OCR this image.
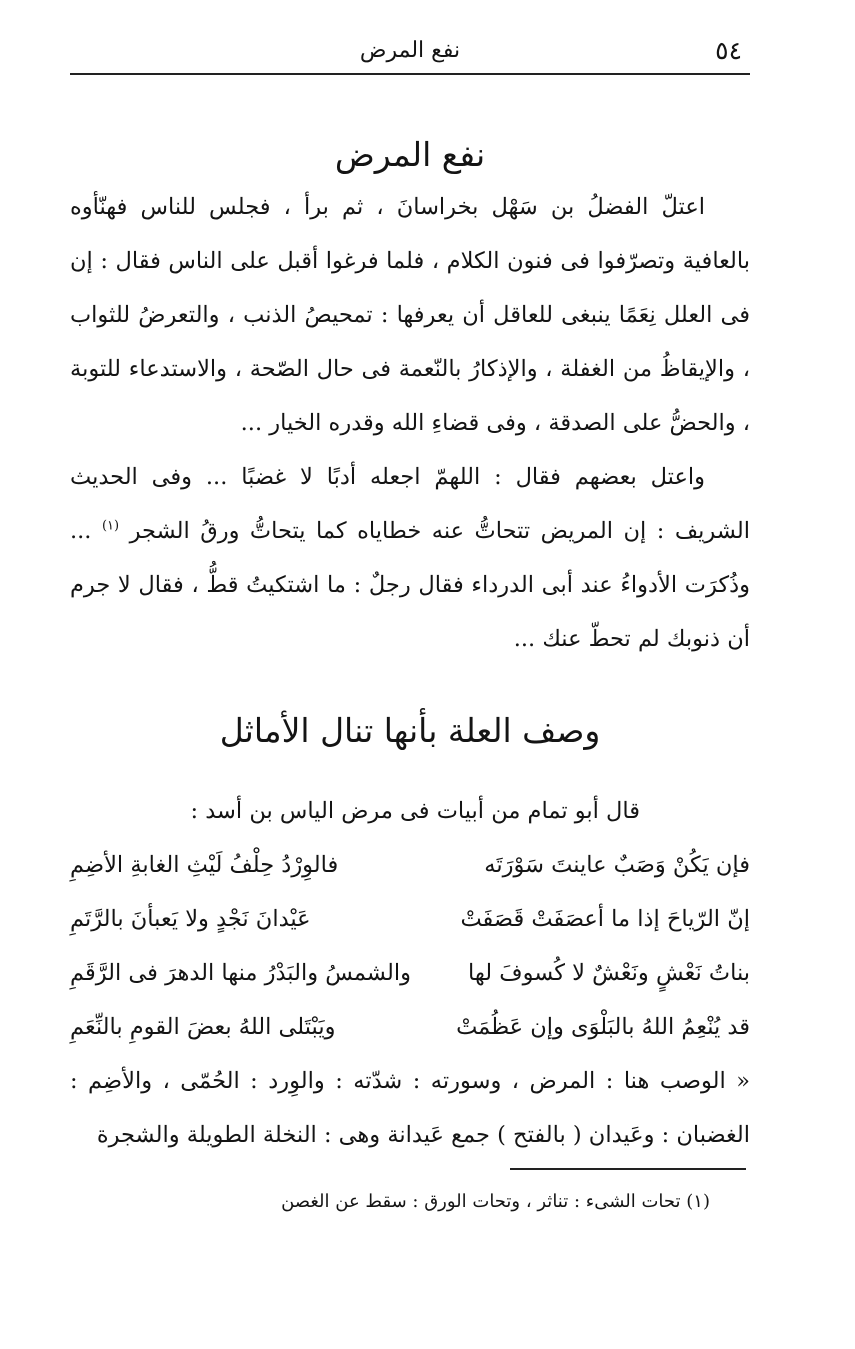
٥٤
نفع المرض
نفع المرض

اعتلّ الفضلُ بن سَهْل بخراسانَ ، ثم برأ ، فجلس للناس فهنّأوه بالعافية وتصرّفوا فى فنون الكلام ، فلما فرغوا أقبل على الناس فقال : إن فى العلل نِعَمًا ينبغى للعاقل أن يعرفها : تمحيصُ الذنب ، والتعرضُ للثواب ، والإيقاظُ من الغفلة ، والإذكارُ بالنّعمة فى حال الصّحة ، والاستدعاء للتوبة ، والحضُّ على الصدقة ، وفى قضاءِ الله وقدره الخيار ...

واعتل بعضهم فقال : اللهمّ اجعله أدبًا لا غضبًا ... وفى الحديث الشريف : إن المريض تتحاتُّ عنه خطاياه كما يتحاتُّ ورقُ الشجر $^{(١)}$ ... وذُكرَت الأدواءُ عند أبى الدرداء فقال رجلٌ : ما اشتكيتُ قطُّ ، فقال لا جرم أن ذنوبك لم تحطّ عنك ...

وصف العلة بأنها تنال الأماثل

قال أبو تمام من أبيات فى مرض الياس بن أسد :

فإن يَكُنْ وَصَبٌ عاينتَ سَوْرَتَه
فالوِرْدُ حِلْفُ لَيْثِ الغابةِ الأضِمِ
إنّ الرّياحَ إذا ما أعصَفَتْ قَصَفَتْ
عَيْدانَ نَجْدٍ ولا يَعبأنَ بالرَّتَمِ
بناتُ نَعْشٍ ونَعْشٌ لا كُسوفَ لها
والشمسُ والبَدْرُ منها الدهرَ فى الرَّقَمِ
قد يُنْعِمُ اللهُ بالبَلْوَى وإن عَظُمَتْ
ويَبْتَلى اللهُ بعضَ القومِ بالنِّعَمِ

« الوصب هنا : المرض ، وسورته : شدّته : والوِرد : الحُمّى ، والأضِم : الغضبان : وعَيدان ( بالفتح ) جمع عَيدانة وهى : النخلة الطويلة والشجرة

(١) تحات الشىء : تناثر ، وتحات الورق : سقط عن الغصن
